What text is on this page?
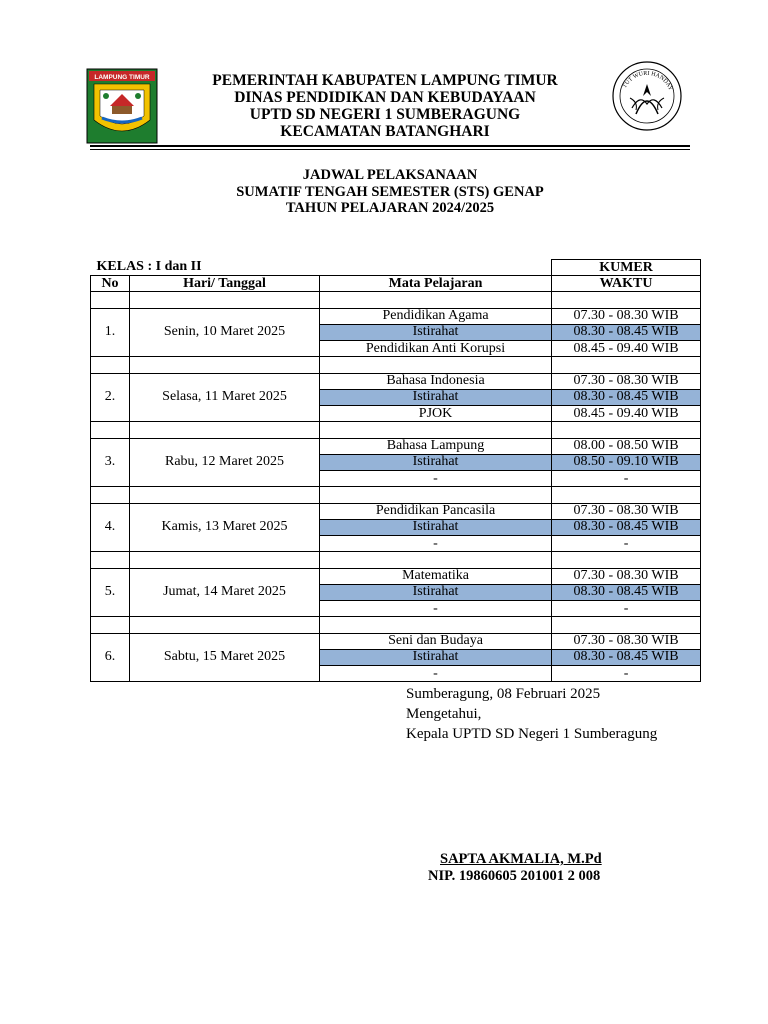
LAMPUNG TIMUR
TUT WURI HANDAY
PEMERINTAH KABUPATEN LAMPUNG TIMUR
DINAS PENDIDIKAN DAN KEBUDAYAAN
UPTD SD NEGERI 1 SUMBERAGUNG
KECAMATAN BATANGHARI
JADWAL PELAKSANAAN
SUMATIF TENGAH SEMESTER (STS) GENAP
TAHUN PELAJARAN 2024/2025
KELAS : I dan II			KUMER
No	Hari/ Tanggal	Mata Pelajaran	WAKTU

1.	Senin, 10 Maret 2025	Pendidikan Agama	07.30 - 08.30 WIB
		Istirahat	08.30 - 08.45 WIB
		Pendidikan Anti Korupsi	08.45 - 09.40 WIB

2.	Selasa, 11 Maret 2025	Bahasa Indonesia	07.30 - 08.30 WIB
		Istirahat	08.30 - 08.45 WIB
		PJOK	08.45 - 09.40 WIB

3.	Rabu, 12 Maret 2025	Bahasa Lampung	08.00 - 08.50 WIB
		Istirahat	08.50 - 09.10 WIB
		-	-

4.	Kamis, 13 Maret 2025	Pendidikan Pancasila	07.30 - 08.30 WIB
		Istirahat	08.30 - 08.45 WIB
		-	-

5.	Jumat, 14 Maret 2025	Matematika	07.30 - 08.30 WIB
		Istirahat	08.30 - 08.45 WIB
		-	-

6.	Sabtu, 15 Maret 2025	Seni dan Budaya	07.30 - 08.30 WIB
		Istirahat	08.30 - 08.45 WIB
		-	-
Sumberagung, 08 Februari 2025
Mengetahui,
Kepala UPTD SD Negeri 1 Sumberagung
SAPTA AKMALIA, M.Pd
NIP. 19860605 201001 2 008
